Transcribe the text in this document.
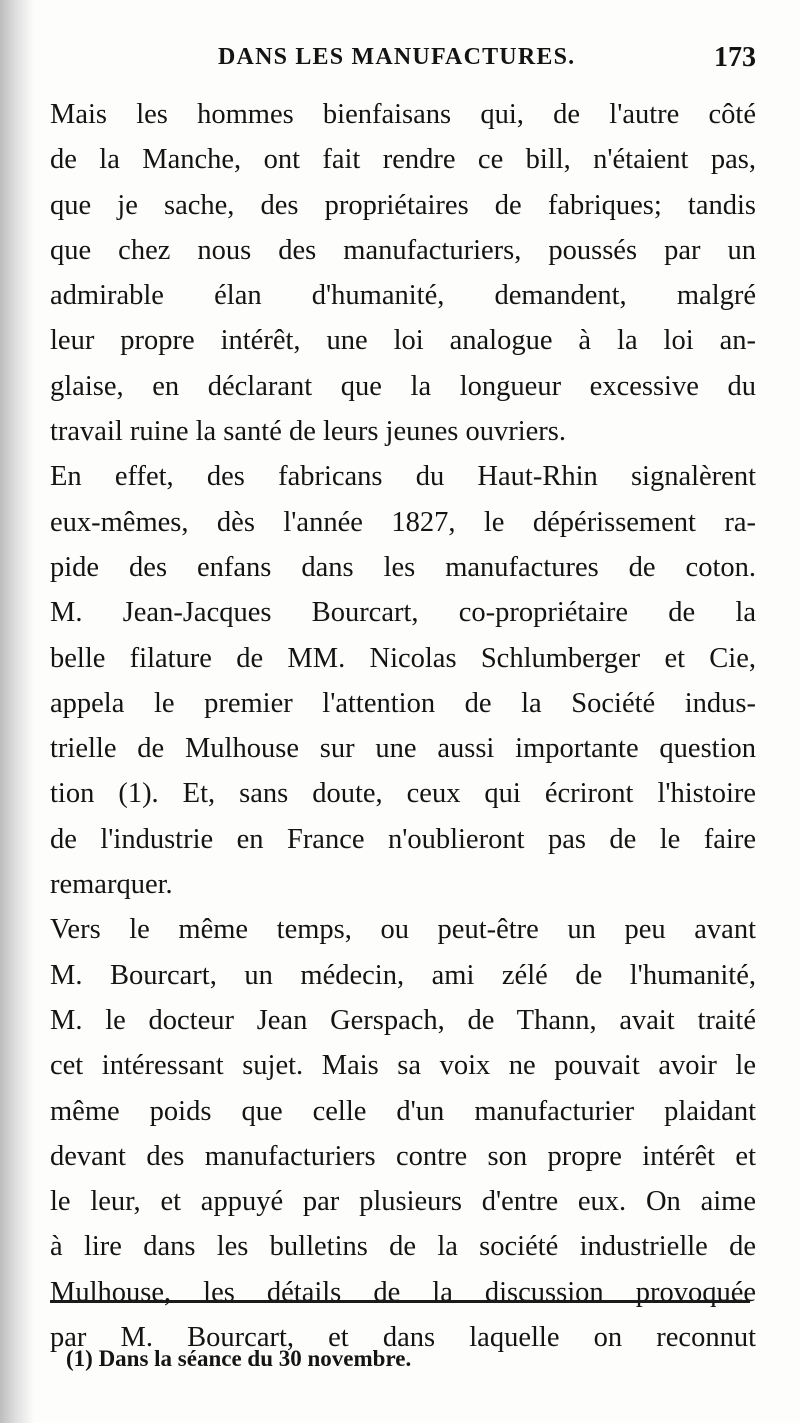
DANS LES MANUFACTURES.	173
Mais les hommes bienfaisans qui, de l'autre côté
de la Manche, ont fait rendre ce bill, n'étaient pas,
que je sache, des propriétaires de fabriques; tandis
que chez nous des manufacturiers, poussés par un
admirable élan d'humanité, demandent, malgré
leur propre intérêt, une loi analogue à la loi an-
glaise, en déclarant que la longueur excessive du
travail ruine la santé de leurs jeunes ouvriers.
En effet, des fabricans du Haut-Rhin signalèrent
eux-mêmes, dès l'année 1827, le dépérissement ra-
pide des enfans dans les manufactures de coton.
M. Jean-Jacques Bourcart, co-propriétaire de la
belle filature de MM. Nicolas Schlumberger et Cie,
appela le premier l'attention de la Société indus-
trielle de Mulhouse sur une aussi importante question
tion (1). Et, sans doute, ceux qui écriront l'histoire
de l'industrie en France n'oublieront pas de le faire
remarquer.
Vers le même temps, ou peut-être un peu avant
M. Bourcart, un médecin, ami zélé de l'humanité,
M. le docteur Jean Gerspach, de Thann, avait traité
cet intéressant sujet. Mais sa voix ne pouvait avoir le
même poids que celle d'un manufacturier plaidant
devant des manufacturiers contre son propre intérêt et
le leur, et appuyé par plusieurs d'entre eux. On aime
à lire dans les bulletins de la société industrielle de
Mulhouse, les détails de la discussion provoquée
par M. Bourcart, et dans laquelle on reconnut
(1) Dans la séance du 30 novembre.
